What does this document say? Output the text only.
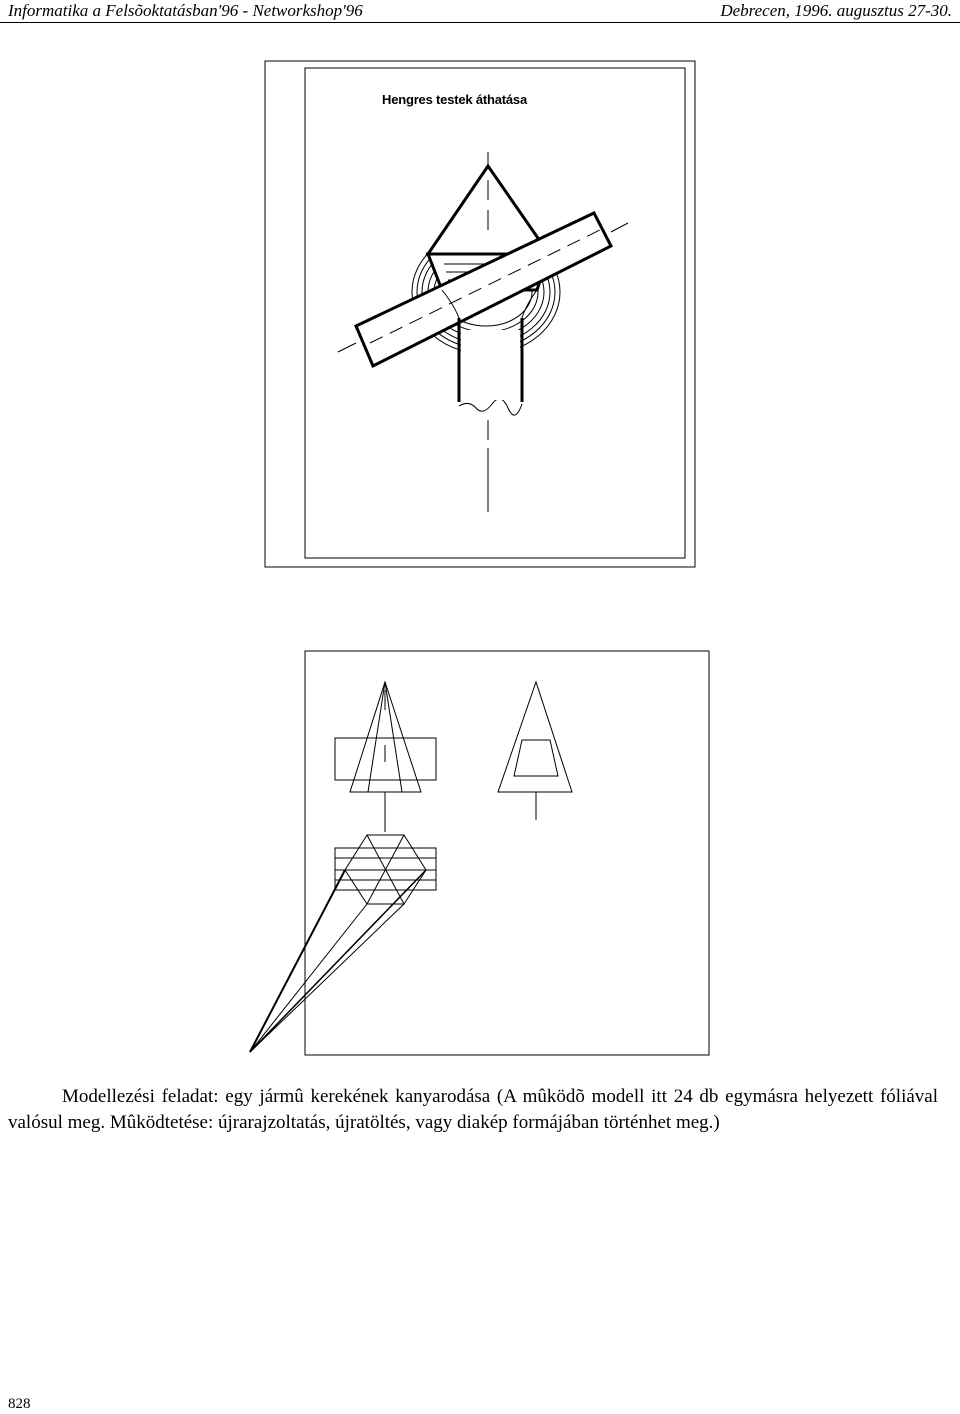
Informatika a Felsõoktatásban'96 - Networkshop'96	Debrecen, 1996. augusztus 27-30.
Hengres testek áthatása

Modellezési feladat: egy jármû kerekének kanyarodása (A mûködõ modell itt 24 db egymásra helyezett fóliával valósul meg. Mûködtetése: újrarajzoltatás, újratöltés, vagy diakép formájában történhet meg.)

828
